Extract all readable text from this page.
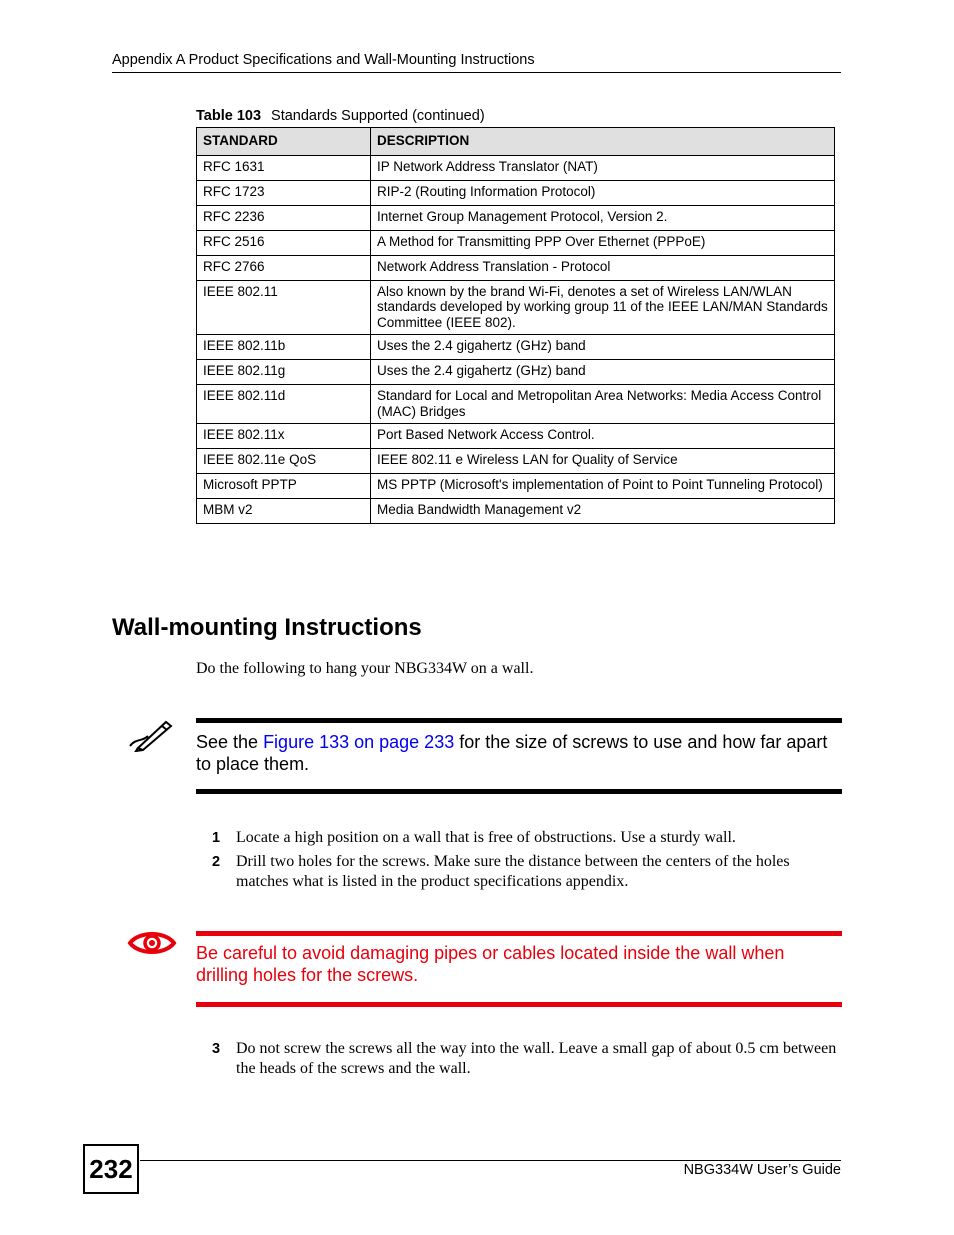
Appendix A Product Specifications and Wall-Mounting Instructions
Table 103 Standards Supported (continued)
STANDARD	DESCRIPTION
RFC 1631	IP Network Address Translator (NAT)
RFC 1723	RIP-2 (Routing Information Protocol)
RFC 2236	Internet Group Management Protocol, Version 2.
RFC 2516	A Method for Transmitting PPP Over Ethernet (PPPoE)
RFC 2766	Network Address Translation - Protocol
IEEE 802.11	Also known by the brand Wi-Fi, denotes a set of Wireless LAN/WLAN standards developed by working group 11 of the IEEE LAN/MAN Standards Committee (IEEE 802).
IEEE 802.11b	Uses the 2.4 gigahertz (GHz) band
IEEE 802.11g	Uses the 2.4 gigahertz (GHz) band
IEEE 802.11d	Standard for Local and Metropolitan Area Networks: Media Access Control (MAC) Bridges
IEEE 802.11x	Port Based Network Access Control.
IEEE 802.11e QoS	IEEE 802.11 e Wireless LAN for Quality of Service
Microsoft PPTP	MS PPTP (Microsoft's implementation of Point to Point Tunneling Protocol)
MBM v2	Media Bandwidth Management v2
Wall-mounting Instructions
Do the following to hang your NBG334W on a wall.
See the Figure 133 on page 233 for the size of screws to use and how far apart to place them.
1 Locate a high position on a wall that is free of obstructions. Use a sturdy wall.
2 Drill two holes for the screws. Make sure the distance between the centers of the holes matches what is listed in the product specifications appendix.
Be careful to avoid damaging pipes or cables located inside the wall when drilling holes for the screws.
3 Do not screw the screws all the way into the wall. Leave a small gap of about 0.5 cm between the heads of the screws and the wall.
232	NBG334W User’s Guide
